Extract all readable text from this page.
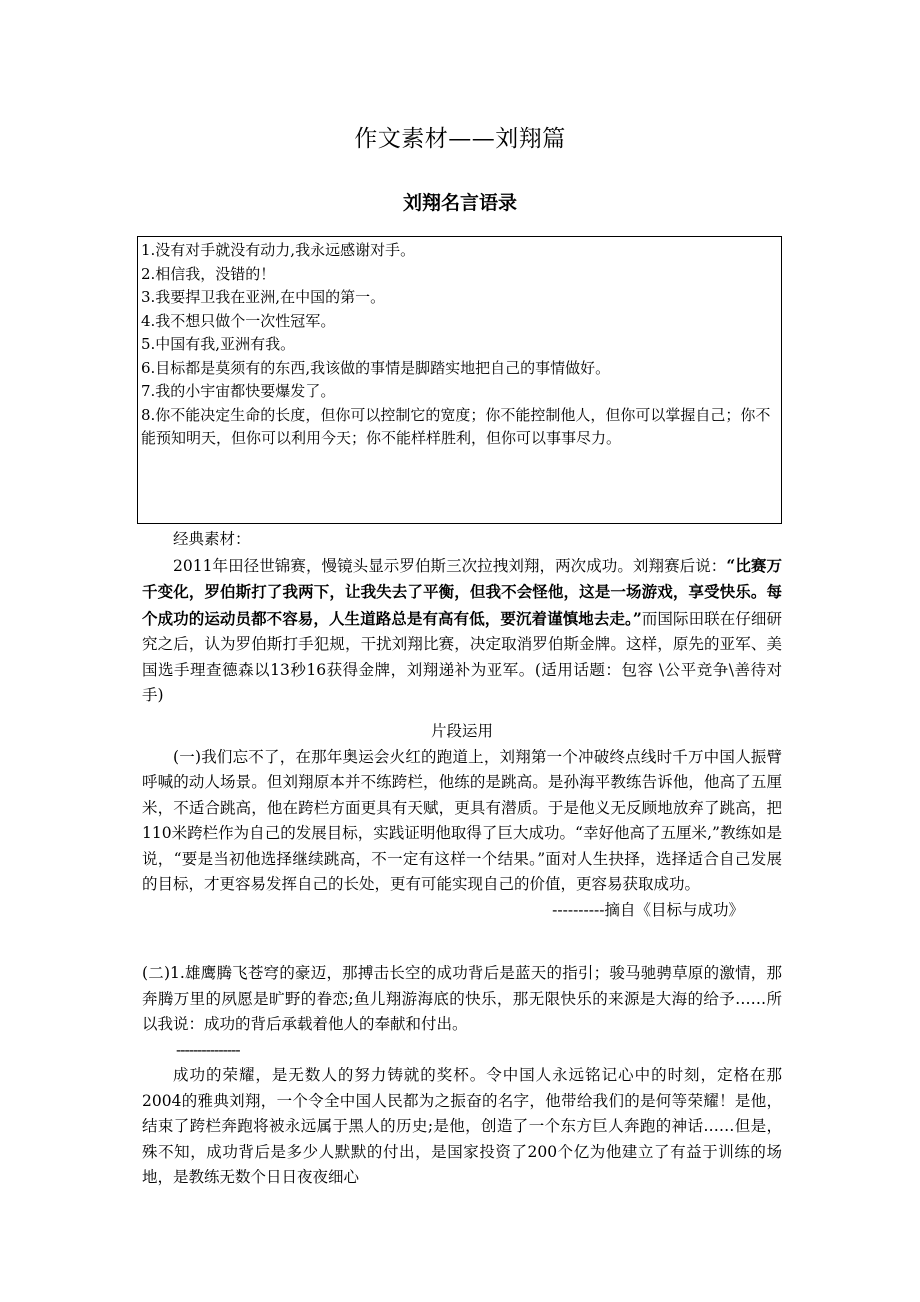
作文素材——刘翔篇
刘翔名言语录

1.没有对手就没有动力,我永远感谢对手。

2.相信我，没错的！

3.我要捍卫我在亚洲,在中国的第一。

4.我不想只做个一次性冠军。

5.中国有我,亚洲有我。

6.目标都是莫须有的东西,我该做的事情是脚踏实地把自己的事情做好。

7.我的小宇宙都快要爆发了。

8.你不能决定生命的长度，但你可以控制它的宽度；你不能控制他人，但你可以掌握自己；你不能预知明天，但你可以利用今天；你不能样样胜利，但你可以事事尽力。

经典素材：

2011年田径世锦赛，慢镜头显示罗伯斯三次拉拽刘翔，两次成功。刘翔赛后说：“比赛万千变化，罗伯斯打了我两下，让我失去了平衡，但我不会怪他，这是一场游戏，享受快乐。每个成功的运动员都不容易，人生道路总是有高有低，要沉着谨慎地去走。”而国际田联在仔细研究之后，认为罗伯斯打手犯规，干扰刘翔比赛，决定取消罗伯斯金牌。这样，原先的亚军、美国选手理查德森以13秒16获得金牌，刘翔递补为亚军。(适用话题：包容 \公平竞争\善待对手)

片段运用

(一)我们忘不了，在那年奥运会火红的跑道上，刘翔第一个冲破终点线时千万中国人振臂呼喊的动人场景。但刘翔原本并不练跨栏，他练的是跳高。是孙海平教练告诉他，他高了五厘米，不适合跳高，他在跨栏方面更具有天赋，更具有潜质。于是他义无反顾地放弃了跳高，把110米跨栏作为自己的发展目标，实践证明他取得了巨大成功。“幸好他高了五厘米,”教练如是说，“要是当初他选择继续跳高，不一定有这样一个结果。”面对人生抉择，选择适合自己发展的目标，才更容易发挥自己的长处，更有可能实现自己的价值，更容易获取成功。

----------摘自《目标与成功》

(二)1.雄鹰腾飞苍穹的豪迈，那搏击长空的成功背后是蓝天的指引；骏马驰骋草原的激情，那奔腾万里的夙愿是旷野的眷恋;鱼儿翔游海底的快乐，那无限快乐的来源是大海的给予……所以我说：成功的背后承载着他人的奉献和付出。

---------------

成功的荣耀，是无数人的努力铸就的奖杯。令中国人永远铭记心中的时刻，定格在那2004的雅典刘翔，一个令全中国人民都为之振奋的名字，他带给我们的是何等荣耀！是他，结束了跨栏奔跑将被永远属于黑人的历史;是他，创造了一个东方巨人奔跑的神话……但是，殊不知，成功背后是多少人默默的付出，是国家投资了200个亿为他建立了有益于训练的场地，是教练无数个日日夜夜细心
